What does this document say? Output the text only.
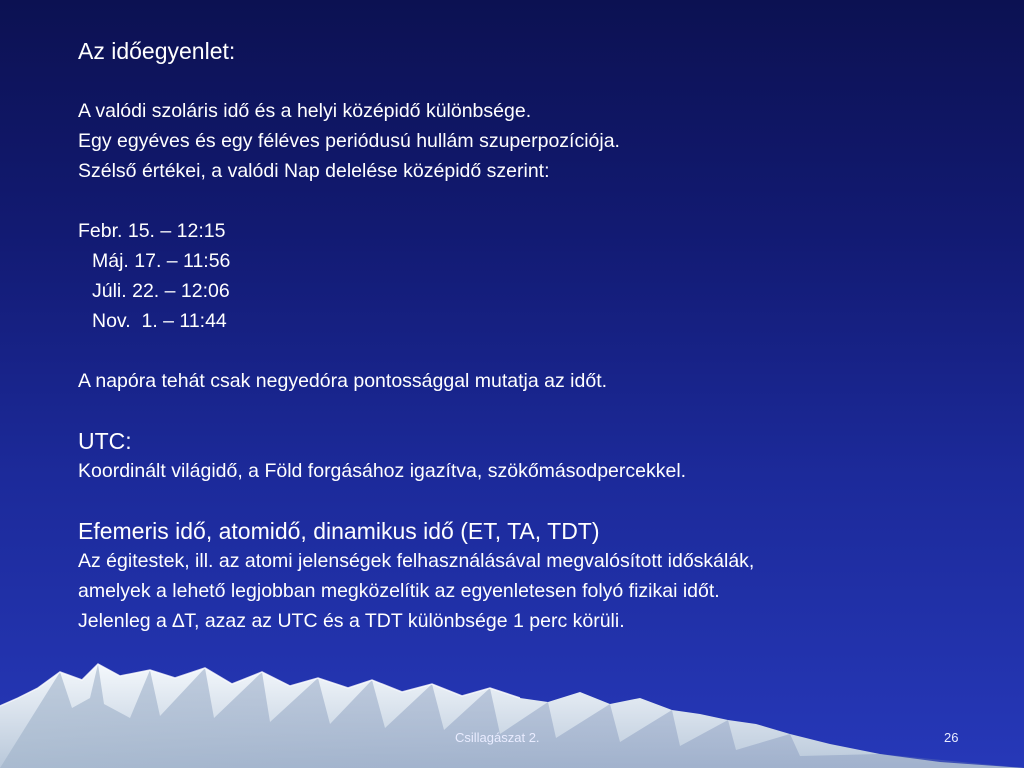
Az időegyenlet:

A valódi szoláris idő és a helyi középidő különbsége.

Egy egyéves és egy féléves periódusú hullám szuperpozíciója.

Szélső értékei, a valódi Nap delelése középidő szerint:

Febr. 15. – 12:15

Máj. 17. – 11:56

Júli. 22. – 12:06

Nov.  1. – 11:44

A napóra tehát csak negyedóra pontossággal mutatja az időt.

UTC:

Koordinált világidő, a Föld forgásához igazítva, szökőmásodpercekkel.

Efemeris idő, atomidő, dinamikus idő (ET, TA, TDT)

Az égitestek, ill. az atomi jelenségek felhasználásával megvalósított időskálák,

amelyek a lehető legjobban megközelítik az egyenletesen folyó fizikai időt.

Jelenleg a ∆T, azaz az UTC és a TDT különbsége 1 perc körüli.

Csillagászat 2.	26
